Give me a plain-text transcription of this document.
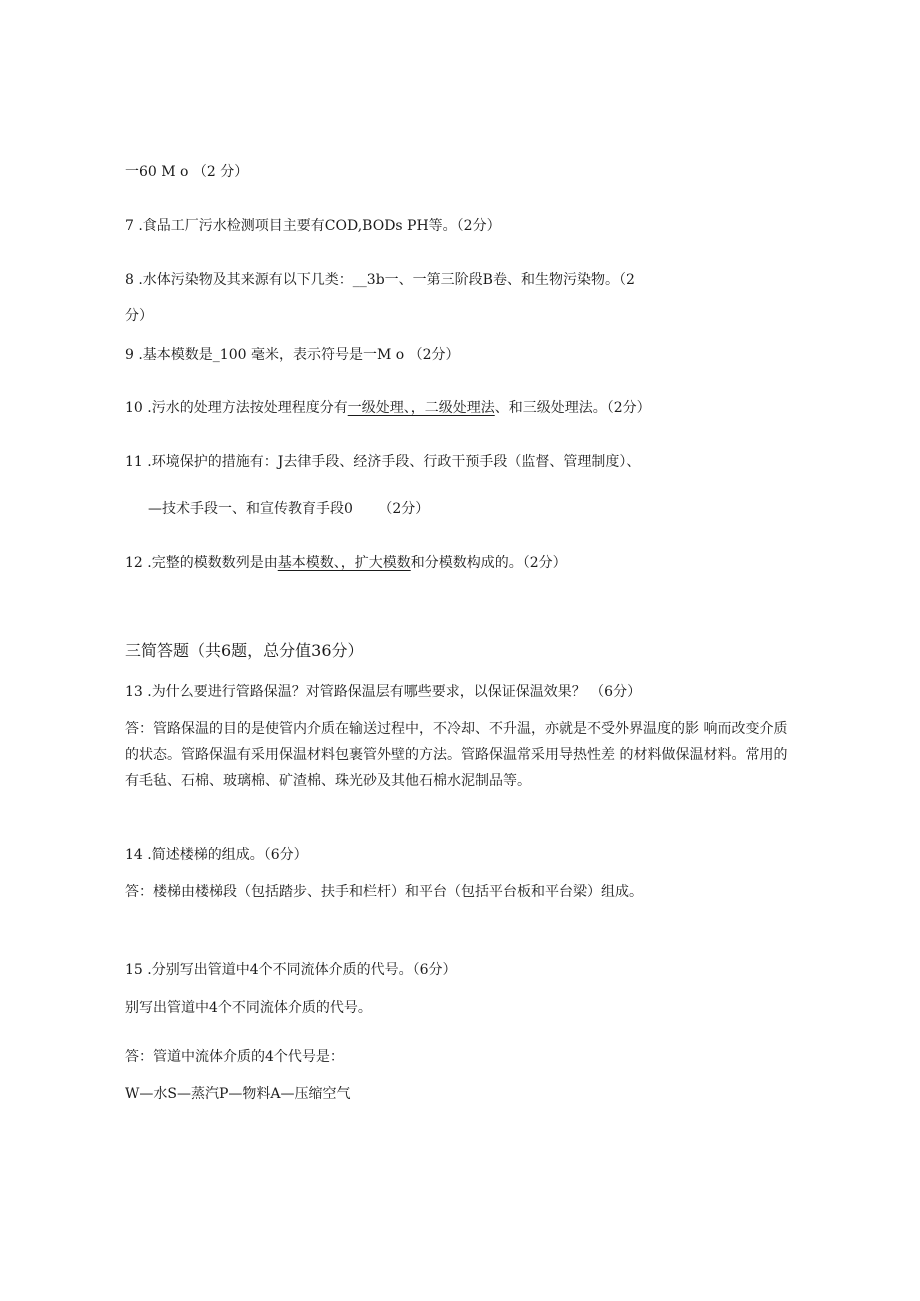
一60 M o （2 分）
7 .食品工厂污水检测项目主要有COD,BODs PH等。（2分）
8 .水体污染物及其来源有以下几类：__3b一、一第三阶段B卷、和生物污染物。（2
分）
9 .基本模数是_100 毫米，表示符号是一M o （2分）
10 .污水的处理方法按处理程度分有一级处理、，二级处理法、和三级处理法。（2分）
11 .环境保护的措施有：J去律手段、经济手段、行政干预手段（监督、管理制度）、
—技术手段一、和宣传教育手段0 　　（2分）
12 .完整的模数数列是由基本模数、，扩大模数和分模数构成的。（2分）
三简答题（共6题，总分值36分）
13 .为什么要进行管路保温？对管路保温层有哪些要求，以保证保温效果？ （6分）
答：管路保温的目的是使管内介质在输送过程中，不冷却、不升温，亦就是不受外界温度的影 响而改变介质的状态。管路保温有采用保温材料包裹管外壁的方法。管路保温常采用导热性差 的材料做保温材料。常用的有毛毡、石棉、玻璃棉、矿渣棉、珠光砂及其他石棉水泥制品等。
14 .简述楼梯的组成。（6分）
答：楼梯由楼梯段（包括踏步、扶手和栏杆）和平台（包括平台板和平台梁）组成。
15 .分别写出管道中4个不同流体介质的代号。（6分）
别写出管道中4个不同流体介质的代号。
答：管道中流体介质的4个代号是：
W—水S—蒸汽P—物料A—压缩空气
